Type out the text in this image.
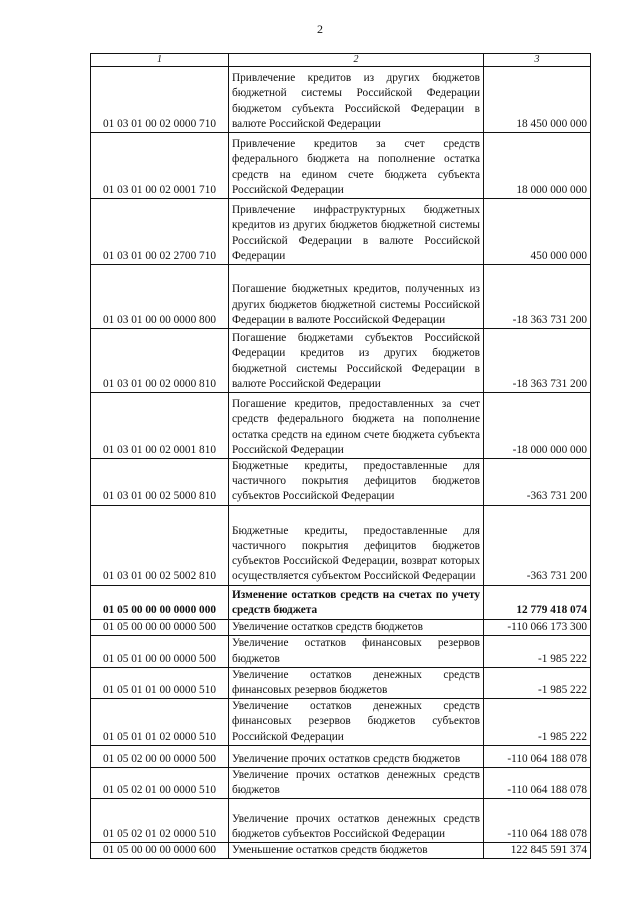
2
1	2	3
01 03 01 00 02 0000 710	Привлечение кредитов из других бюджетов бюджетной системы Российской Федерации бюджетом субъекта Российской Федерации в валюте Российской Федерации	18 450 000 000
01 03 01 00 02 0001 710	Привлечение кредитов за счет средств федерального бюджета на пополнение остатка средств на едином счете бюджета субъекта Российской Федерации	18 000 000 000
01 03 01 00 02 2700 710	Привлечение инфраструктурных бюджетных кредитов из других бюджетов бюджетной системы Российской Федерации в валюте Российской Федерации	450 000 000
01 03 01 00 00 0000 800	Погашение бюджетных кредитов, полученных из других бюджетов бюджетной системы Российской Федерации в валюте Российской Федерации	-18 363 731 200
01 03 01 00 02 0000 810	Погашение бюджетами субъектов Российской Федерации кредитов из других бюджетов бюджетной системы Российской Федерации в валюте Российской Федерации	-18 363 731 200
01 03 01 00 02 0001 810	Погашение кредитов, предоставленных за счет средств федерального бюджета на пополнение остатка средств на едином счете бюджета субъекта Российской Федерации	-18 000 000 000
01 03 01 00 02 5000 810	Бюджетные кредиты, предоставленные для частичного покрытия дефицитов бюджетов субъектов Российской Федерации	-363 731 200
01 03 01 00 02 5002 810	Бюджетные кредиты, предоставленные для частичного покрытия дефицитов бюджетов субъектов Российской Федерации, возврат которых осуществляется субъектом Российской Федерации	-363 731 200
01 05 00 00 00 0000 000	Изменение остатков средств на счетах по учету средств бюджета	12 779 418 074
01 05 00 00 00 0000 500	Увеличение остатков средств бюджетов	-110 066 173 300
01 05 01 00 00 0000 500	Увеличение остатков финансовых резервов бюджетов	-1 985 222
01 05 01 01 00 0000 510	Увеличение остатков денежных средств финансовых резервов бюджетов	-1 985 222
01 05 01 01 02 0000 510	Увеличение остатков денежных средств финансовых резервов бюджетов субъектов Российской Федерации	-1 985 222
01 05 02 00 00 0000 500	Увеличение прочих остатков средств бюджетов	-110 064 188 078
01 05 02 01 00 0000 510	Увеличение прочих остатков денежных средств бюджетов	-110 064 188 078
01 05 02 01 02 0000 510	Увеличение прочих остатков денежных средств бюджетов субъектов Российской Федерации	-110 064 188 078
01 05 00 00 00 0000 600	Уменьшение остатков средств бюджетов	122 845 591 374
